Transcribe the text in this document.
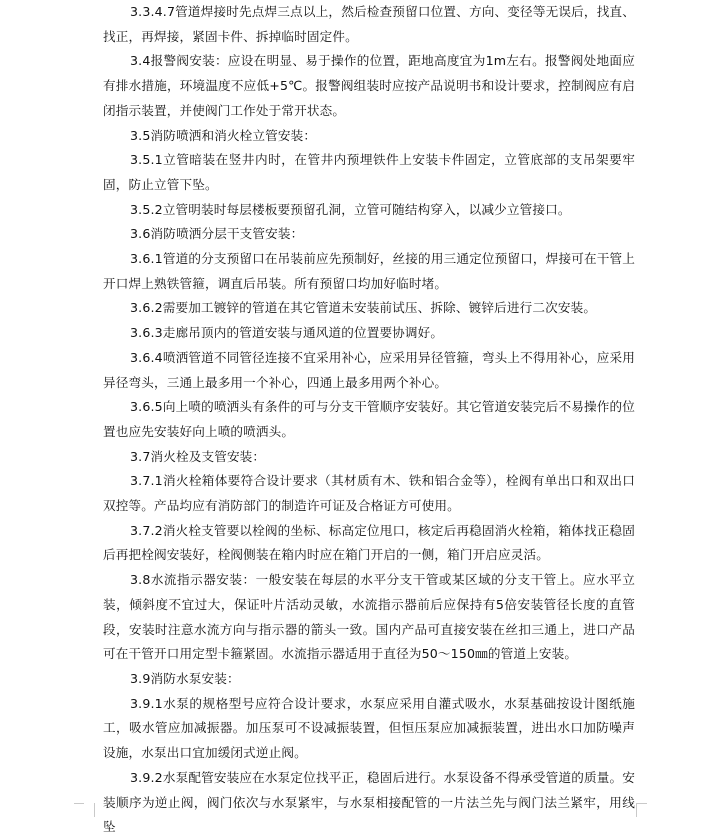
3.3.4.7管道焊接时先点焊三点以上，然后检查预留口位置、方向、变径等无误后，找直、找正，再焊接，紧固卡件、拆掉临时固定件。

3.4报警阀安装：应设在明显、易于操作的位置，距地高度宜为1m左右。报警阀处地面应有排水措施，环境温度不应低+5℃。报警阀组装时应按产品说明书和设计要求，控制阀应有启闭指示装置，并使阀门工作处于常开状态。

3.5消防喷洒和消火栓立管安装：

3.5.1立管暗装在竖井内时，在管井内预埋铁件上安装卡件固定，立管底部的支吊架要牢固，防止立管下坠。

3.5.2立管明装时每层楼板要预留孔洞，立管可随结构穿入，以减少立管接口。

3.6消防喷洒分层干支管安装：

3.6.1管道的分支预留口在吊装前应先预制好，丝接的用三通定位预留口，焊接可在干管上开口焊上熟铁管箍，调直后吊装。所有预留口均加好临时堵。

3.6.2需要加工镀锌的管道在其它管道未安装前试压、拆除、镀锌后进行二次安装。

3.6.3走廊吊顶内的管道安装与通风道的位置要协调好。

3.6.4喷洒管道不同管径连接不宜采用补心，应采用异径管箍，弯头上不得用补心，应采用异径弯头，三通上最多用一个补心，四通上最多用两个补心。

3.6.5向上喷的喷洒头有条件的可与分支干管顺序安装好。其它管道安装完后不易操作的位置也应先安装好向上喷的喷洒头。

3.7消火栓及支管安装：

3.7.1消火栓箱体要符合设计要求（其材质有木、铁和铝合金等），栓阀有单出口和双出口双控等。产品均应有消防部门的制造许可证及合格证方可使用。

3.7.2消火栓支管要以栓阀的坐标、标高定位甩口，核定后再稳固消火栓箱，箱体找正稳固后再把栓阀安装好，栓阀侧装在箱内时应在箱门开启的一侧，箱门开启应灵活。

3.8水流指示器安装：一般安装在每层的水平分支干管或某区域的分支干管上。应水平立装，倾斜度不宜过大，保证叶片活动灵敏，水流指示器前后应保持有5倍安装管径长度的直管段，安装时注意水流方向与指示器的箭头一致。国内产品可直接安装在丝扣三通上，进口产品可在干管开口用定型卡箍紧固。水流指示器适用于直径为50～150㎜的管道上安装。

3.9消防水泵安装：

3.9.1水泵的规格型号应符合设计要求，水泵应采用自灌式吸水，水泵基础按设计图纸施工，吸水管应加减振器。加压泵可不设减振装置，但恒压泵应加减振装置，进出水口加防噪声设施，水泵出口宜加缓闭式逆止阀。

3.9.2水泵配管安装应在水泵定位找平正，稳固后进行。水泵设备不得承受管道的质量。安装顺序为逆止阀，阀门依次与水泵紧牢，与水泵相接配管的一片法兰先与阀门法兰紧牢，用线坠
